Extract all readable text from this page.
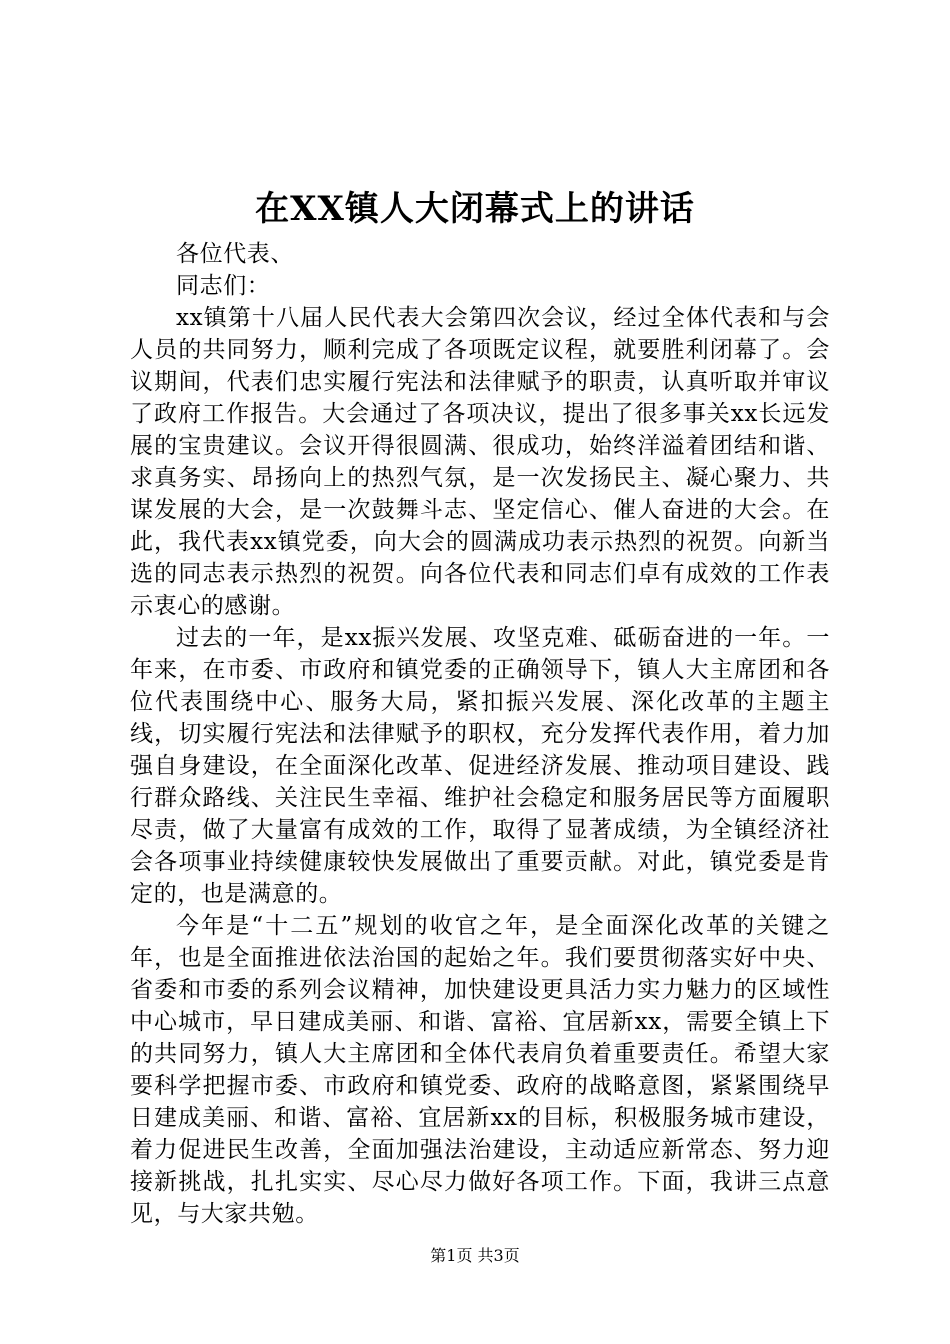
在XX镇人大闭幕式上的讲话

各位代表、

同志们：

xx镇第十八届人民代表大会第四次会议，经过全体代表和与会人员的共同努力，顺利完成了各项既定议程，就要胜利闭幕了。会议期间，代表们忠实履行宪法和法律赋予的职责，认真听取并审议了政府工作报告。大会通过了各项决议，提出了很多事关xx长远发展的宝贵建议。会议开得很圆满、很成功，始终洋溢着团结和谐、求真务实、昂扬向上的热烈气氛，是一次发扬民主、凝心聚力、共谋发展的大会，是一次鼓舞斗志、坚定信心、催人奋进的大会。在此，我代表xx镇党委，向大会的圆满成功表示热烈的祝贺。向新当选的同志表示热烈的祝贺。向各位代表和同志们卓有成效的工作表示衷心的感谢。

过去的一年，是xx振兴发展、攻坚克难、砥砺奋进的一年。一年来，在市委、市政府和镇党委的正确领导下，镇人大主席团和各位代表围绕中心、服务大局，紧扣振兴发展、深化改革的主题主线，切实履行宪法和法律赋予的职权，充分发挥代表作用，着力加强自身建设，在全面深化改革、促进经济发展、推动项目建设、践行群众路线、关注民生幸福、维护社会稳定和服务居民等方面履职尽责，做了大量富有成效的工作，取得了显著成绩，为全镇经济社会各项事业持续健康较快发展做出了重要贡献。对此，镇党委是肯定的，也是满意的。

今年是“十二五”规划的收官之年，是全面深化改革的关键之年，也是全面推进依法治国的起始之年。我们要贯彻落实好中央、省委和市委的系列会议精神，加快建设更具活力实力魅力的区域性中心城市，早日建成美丽、和谐、富裕、宜居新xx，需要全镇上下的共同努力，镇人大主席团和全体代表肩负着重要责任。希望大家要科学把握市委、市政府和镇党委、政府的战略意图，紧紧围绕早日建成美丽、和谐、富裕、宜居新xx的目标，积极服务城市建设，着力促进民生改善，全面加强法治建设，主动适应新常态、努力迎接新挑战，扎扎实实、尽心尽力做好各项工作。下面，我讲三点意见，与大家共勉。

第1页 共3页
